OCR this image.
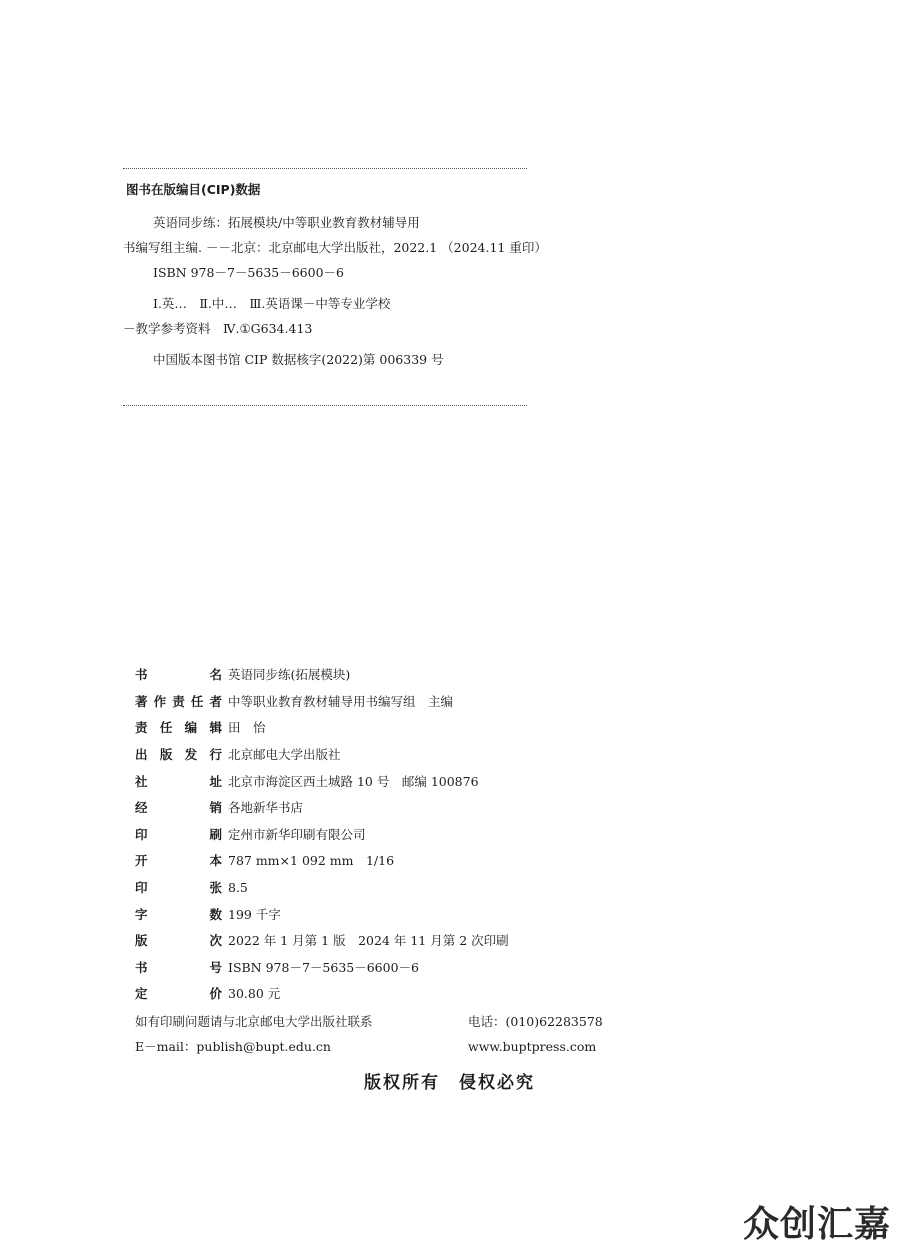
图书在版编目(CIP)数据
英语同步练：拓展模块/中等职业教育教材辅导用
书编写组主编. －－北京：北京邮电大学出版社，2022.1 （2024.11 重印）
ISBN 978－7－5635－6600－6
Ⅰ.英…　Ⅱ.中…　Ⅲ.英语课－中等专业学校
－教学参考资料　Ⅳ.①G634.413
中国版本图书馆 CIP 数据核字(2022)第 006339 号
书	名 英语同步练(拓展模块)
著 作 责 任 者 中等职业教育教材辅导用书编写组　主编
责 任 编 辑 田　怡
出 版 发 行 北京邮电大学出版社
社	址 北京市海淀区西土城路 10 号　邮编 100876
经	销 各地新华书店
印	刷 定州市新华印刷有限公司
开	本 787 mm×1 092 mm　1/16
印	张 8.5
字	数 199 千字
版	次 2022 年 1 月第 1 版　2024 年 11 月第 2 次印刷
书	号 ISBN 978－7－5635－6600－6
定	价 30.80 元
如有印刷问题请与北京邮电大学出版社联系	电话：(010)62283578
E－mail：publish@bupt.edu.cn	www.buptpress.com
版权所有　侵权必究
众创汇嘉
